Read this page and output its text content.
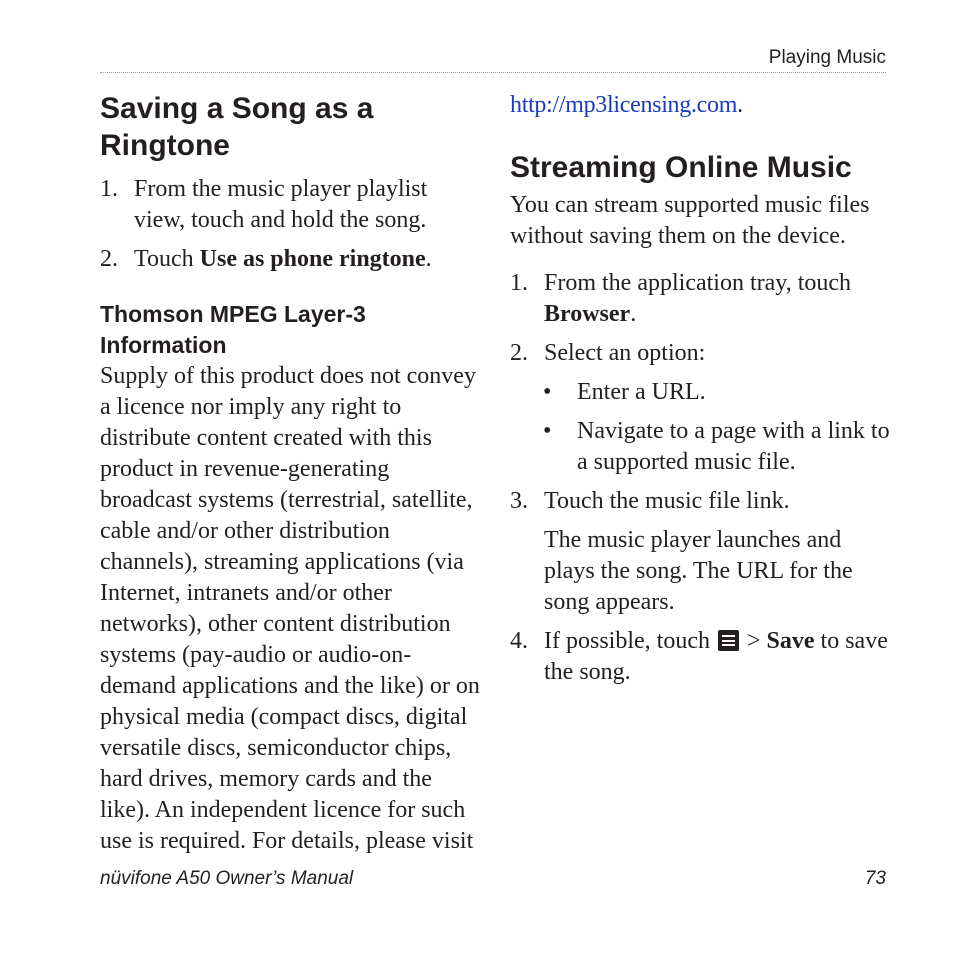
Playing Music
Saving a Song as a Ringtone
1. From the music player playlist view, touch and hold the song.
2. Touch Use as phone ringtone.
Thomson MPEG Layer-3 Information

Supply of this product does not convey a licence nor imply any right to distribute content created with this product in revenue-generating broadcast systems (terrestrial, satellite, cable and/or other distribution channels), streaming applications (via Internet, intranets and/or other networks), other content distribution systems (pay-audio or audio-on-demand applications and the like) or on physical media (compact discs, digital versatile discs, semiconductor chips, hard drives, memory cards and the like). An independent licence for such use is required. For details, please visit

http://mp3licensing.com.

Streaming Online Music

You can stream supported music files without saving them on the device.

1. From the application tray, touch Browser.
2. Select an option:
• Enter a URL.
• Navigate to a page with a link to a supported music file.
3. Touch the music file link.
The music player launches and plays the song. The URL for the song appears.
4. If possible, touch
> Save to save the song.
nüvifone A50 Owner’s Manual	73
